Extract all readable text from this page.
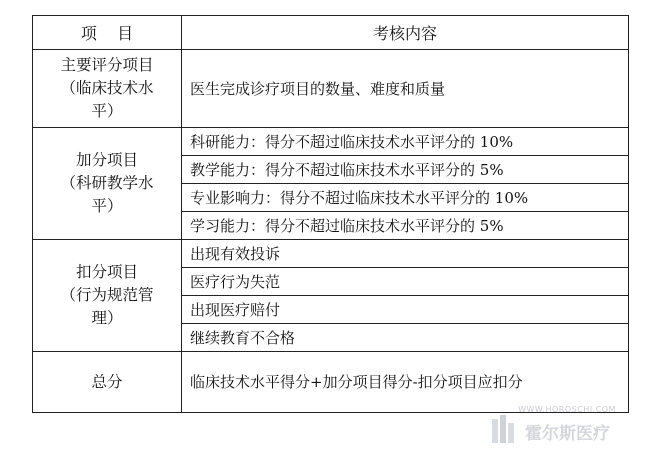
项    目	考核内容

主要评分项目
（临床技术水
平）	医生完成诊疗项目的数量、难度和质量

加分项目
（科研教学水
平）	科研能力：得分不超过临床技术水平评分的 10%
	教学能力：得分不超过临床技术水平评分的 5%
	专业影响力：得分不超过临床技术水平评分的 10%
	学习能力：得分不超过临床技术水平评分的 5%

扣分项目
（行为规范管
理）	出现有效投诉
	医疗行为失范
	出现医疗赔付
	继续教育不合格

总分	临床技术水平得分+加分项目得分-扣分项目应扣分
WWW.HOROSCHI.COM
霍尔斯医疗
